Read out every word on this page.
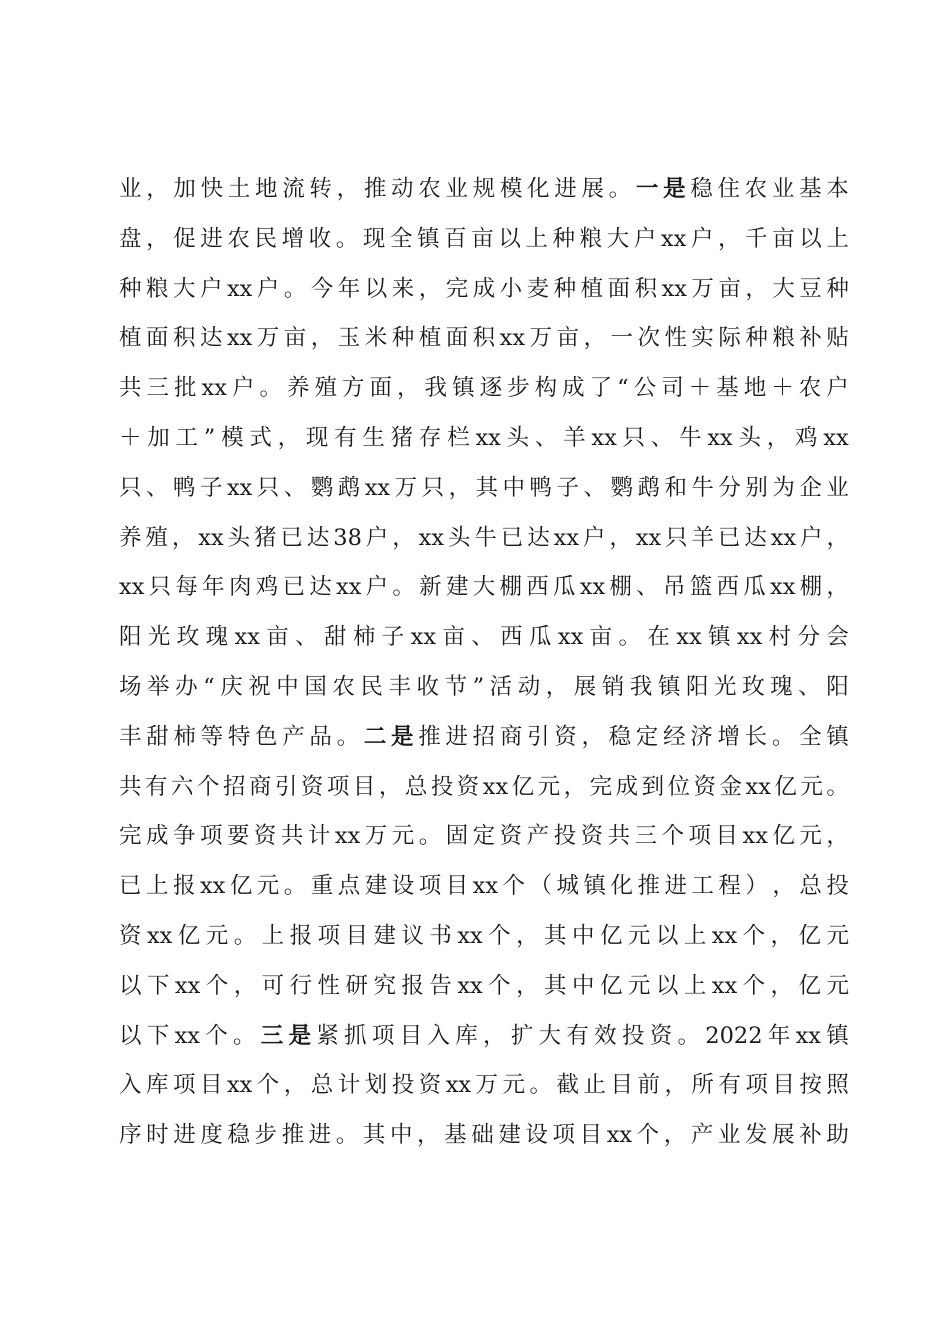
业 ， 加 快 土 地 流 转 ， 推 动 农 业 规 模 化 进 展 。 一 是 稳 住 农 业 基 本
盘 ， 促 进 农 民 增 收 。 现 全 镇 百 亩 以 上 种 粮 大 户 xx 户 ， 千 亩 以 上
种 粮 大 户 xx 户 。 今 年 以 来 ， 完 成 小 麦 种 植 面 积 xx 万 亩 ， 大 豆 种
植 面 积 达 xx 万 亩 ， 玉 米 种 植 面 积 xx 万 亩 ， 一 次 性 实 际 种 粮 补 贴
共 三 批 xx 户 。 养 殖 方 面 ， 我 镇 逐 步 构 成 了 “ 公 司 ＋ 基 地 ＋ 农 户
＋ 加 工 ” 模 式 ， 现 有 生 猪 存 栏 xx 头 、 羊 xx 只 、 牛 xx 头 ， 鸡 xx
只 、 鸭 子 xx 只 、 鹦 鹉 xx 万 只 ， 其 中 鸭 子 、 鹦 鹉 和 牛 分 别 为 企 业
养 殖 ， xx 头 猪 已 达 38 户 ， xx 头 牛 已 达 xx 户 ， xx 只 羊 已 达 xx 户 ，
xx 只 每 年 肉 鸡 已 达 xx 户 。 新 建 大 棚 西 瓜 xx 棚 、 吊 篮 西 瓜 xx 棚 ，
阳 光 玫 瑰 xx 亩 、 甜 柿 子 xx 亩 、 西 瓜 xx 亩 。 在 xx 镇 xx 村 分 会
场 举 办 “ 庆 祝 中 国 农 民 丰 收 节 ” 活 动 ， 展 销 我 镇 阳 光 玫 瑰 、 阳
丰 甜 柿 等 特 色 产 品 。 二 是 推 进 招 商 引 资 ， 稳 定 经 济 增 长 。 全 镇
共 有 六 个 招 商 引 资 项 目 ， 总 投 资 xx 亿 元 ， 完 成 到 位 资 金 xx 亿 元 。
完 成 争 项 要 资 共 计 xx 万 元 。 固 定 资 产 投 资 共 三 个 项 目 xx 亿 元 ，
已 上 报 xx 亿 元 。 重 点 建 设 项 目 xx 个 （ 城 镇 化 推 进 工 程 ） ， 总 投
资 xx 亿 元 。 上 报 项 目 建 议 书 xx 个 ， 其 中 亿 元 以 上 xx 个 ， 亿 元
以 下 xx 个 ， 可 行 性 研 究 报 告 xx 个 ， 其 中 亿 元 以 上 xx 个 ， 亿 元
以 下 xx 个 。 三 是 紧 抓 项 目 入 库 ， 扩 大 有 效 投 资 。 2022 年 xx 镇
入 库 项 目 xx 个 ， 总 计 划 投 资 xx 万 元 。 截 止 目 前 ， 所 有 项 目 按 照
序 时 进 度 稳 步 推 进 。 其 中 ， 基 础 建 设 项 目 xx 个 ， 产 业 发 展 补 助
